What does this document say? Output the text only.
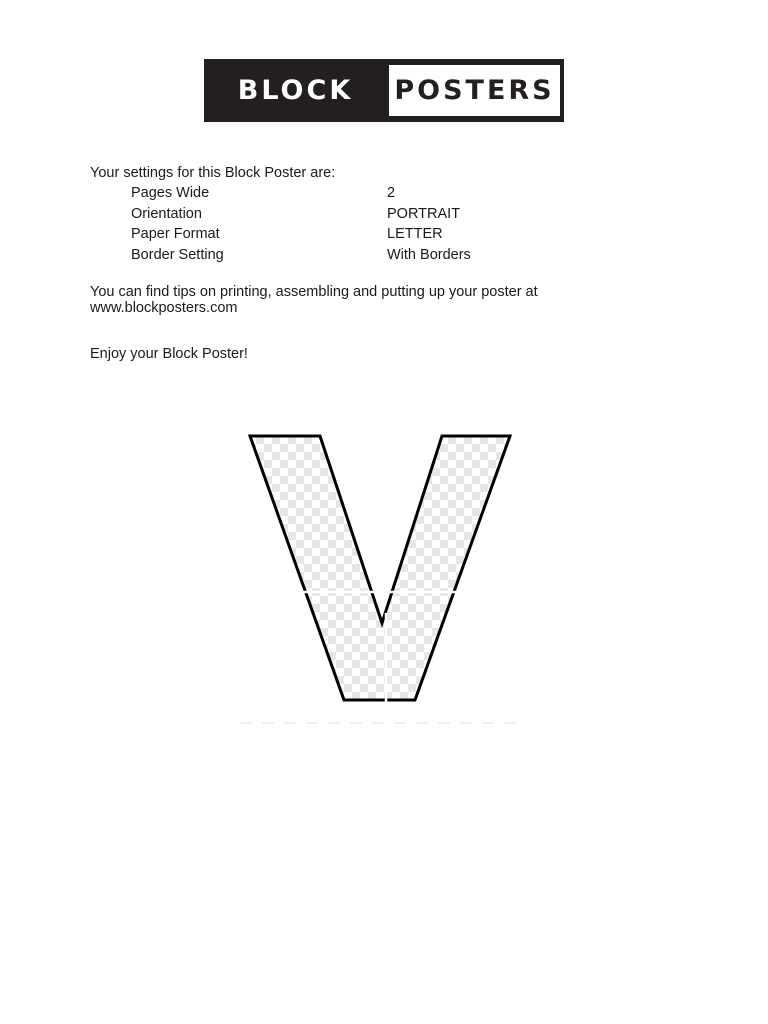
BLOCK	POSTERS
Your settings for this Block Poster are:
Pages Wide	2
Orientation	PORTRAIT
Paper Format	LETTER
Border Setting	With Borders
You can find tips on printing, assembling and putting up your poster at
www.blockposters.com
Enjoy your Block Poster!
